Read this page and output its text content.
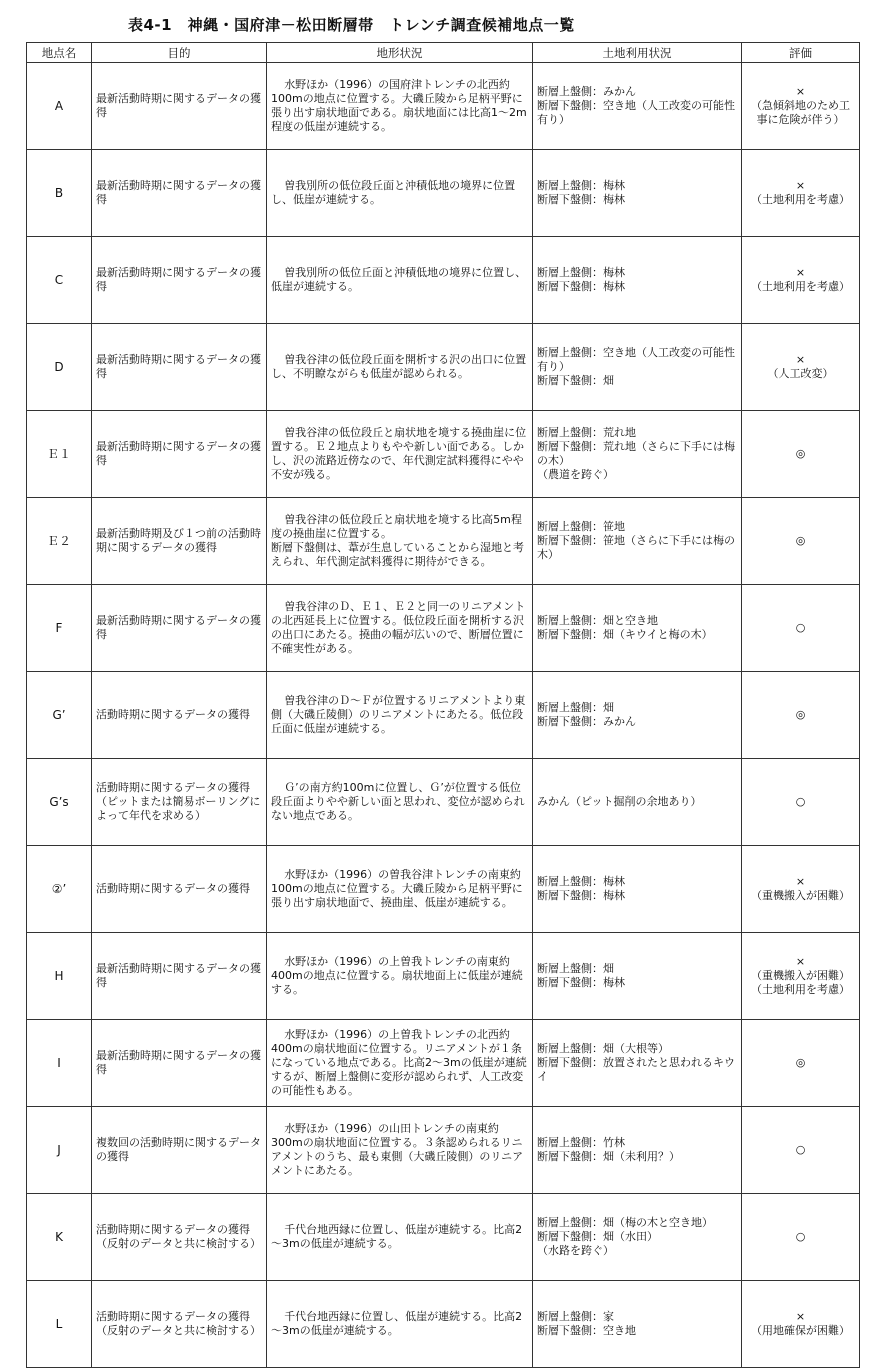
表4-1　神縄・国府津－松田断層帯　トレンチ調査候補地点一覧
地点名	目的	地形状況	土地利用状況	評価
A	最新活動時期に関するデータの獲得	水野ほか（1996）の国府津トレンチの北西約100mの地点に位置する。大磯丘陵から足柄平野に張り出す扇状地面である。扇状地面には比高1～2m程度の低崖が連続する。	断層上盤側：みかん
断層下盤側：空き地（人工改変の可能性有り）	×
（急傾斜地のため工事に危険が伴う）
B	最新活動時期に関するデータの獲得	曽我別所の低位段丘面と沖積低地の境界に位置し、低崖が連続する。	断層上盤側：梅林
断層下盤側：梅林	×
（土地利用を考慮）
C	最新活動時期に関するデータの獲得	曽我別所の低位丘面と沖積低地の境界に位置し、低崖が連続する。	断層上盤側：梅林
断層下盤側：梅林	×
（土地利用を考慮）
D	最新活動時期に関するデータの獲得	曽我谷津の低位段丘面を開析する沢の出口に位置し、不明瞭ながらも低崖が認められる。	断層上盤側：空き地（人工改変の可能性有り）
断層下盤側：畑	×
（人工改変）
Ｅ１	最新活動時期に関するデータの獲得	曽我谷津の低位段丘と扇状地を境する撓曲崖に位置する。Ｅ２地点よりもやや新しい面である。しかし、沢の流路近傍なので、年代測定試料獲得にやや不安が残る。	断層上盤側：荒れ地
断層下盤側：荒れ地（さらに下手には梅の木）
（農道を跨ぐ）	◎
Ｅ２	最新活動時期及び１つ前の活動時期に関するデータの獲得	曽我谷津の低位段丘と扇状地を境する比高5m程度の撓曲崖に位置する。
断層下盤側は、葦が生息していることから湿地と考えられ、年代測定試料獲得に期待ができる。	断層上盤側：笹地
断層下盤側：笹地（さらに下手には梅の木）	◎
F	最新活動時期に関するデータの獲得	曽我谷津のＤ、Ｅ１、Ｅ２と同一のリニアメントの北西延長上に位置する。低位段丘面を開析する沢の出口にあたる。撓曲の幅が広いので、断層位置に不確実性がある。	断層上盤側：畑と空き地
断層下盤側：畑（キウイと梅の木）	○
G’	活動時期に関するデータの獲得	曽我谷津のＤ～Ｆが位置するリニアメントより東側（大磯丘陵側）のリニアメントにあたる。低位段丘面に低崖が連続する。	断層上盤側：畑
断層下盤側：みかん	◎
G’s	活動時期に関するデータの獲得（ピットまたは簡易ボーリングによって年代を求める）	Ｇ’の南方約100mに位置し、Ｇ’が位置する低位段丘面よりやや新しい面と思われ、変位が認められない地点である。	みかん（ピット掘削の余地あり）	○
②’	活動時期に関するデータの獲得	水野ほか（1996）の曽我谷津トレンチの南東約100mの地点に位置する。大磯丘陵から足柄平野に張り出す扇状地面で、撓曲崖、低崖が連続する。	断層上盤側：梅林
断層下盤側：梅林	×
（重機搬入が困難）
H	最新活動時期に関するデータの獲得	水野ほか（1996）の上曽我トレンチの南東約400mの地点に位置する。扇状地面上に低崖が連続する。	断層上盤側：畑
断層下盤側：梅林	×
（重機搬入が困難）
（土地利用を考慮）
I	最新活動時期に関するデータの獲得	水野ほか（1996）の上曽我トレンチの北西約400mの扇状地面に位置する。リニアメントが１条になっている地点である。比高2～3mの低崖が連続するが、断層上盤側に変形が認められず、人工改変の可能性もある。	断層上盤側：畑（大根等）
断層下盤側：放置されたと思われるキウイ	◎
J	複数回の活動時期に関するデータの獲得	水野ほか（1996）の山田トレンチの南東約300mの扇状地面に位置する。３条認められるリニアメントのうち、最も東側（大磯丘陵側）のリニアメントにあたる。	断層上盤側：竹林
断層下盤側：畑（未利用？）	○
K	活動時期に関するデータの獲得（反射のデータと共に検討する）	千代台地西縁に位置し、低崖が連続する。比高2～3mの低崖が連続する。	断層上盤側：畑（梅の木と空き地）
断層下盤側：畑（水田）
（水路を跨ぐ）	○
L	活動時期に関するデータの獲得（反射のデータと共に検討する）	千代台地西縁に位置し、低崖が連続する。比高2～3mの低崖が連続する。	断層上盤側：家
断層下盤側：空き地	×
（用地確保が困難）
